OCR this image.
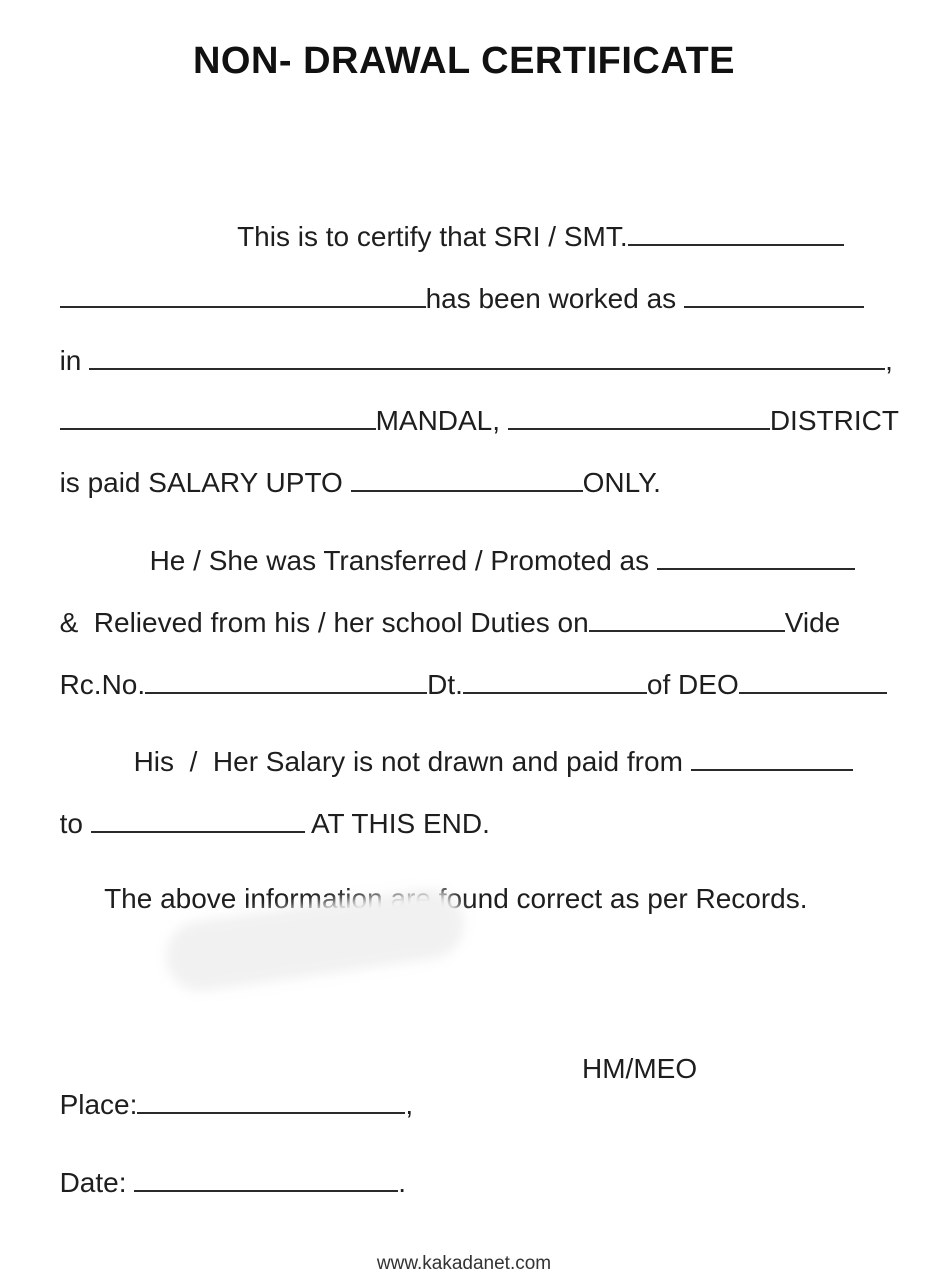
NON- DRAWAL CERTIFICATE

This is to certify that SRI / SMT.

has been worked as

in	,

MANDAL,	DISTRICT

is paid SALARY UPTO	ONLY.

He / She was Transferred / Promoted as

&  Relieved from his / her school Duties on	Vide

Rc.No.	Dt.	of DEO

His  /  Her Salary is not drawn and paid from

to	AT THIS END.

The above information are found correct as per Records.

Place:	,

HM/MEO

Date:	.

www.kakadanet.com
